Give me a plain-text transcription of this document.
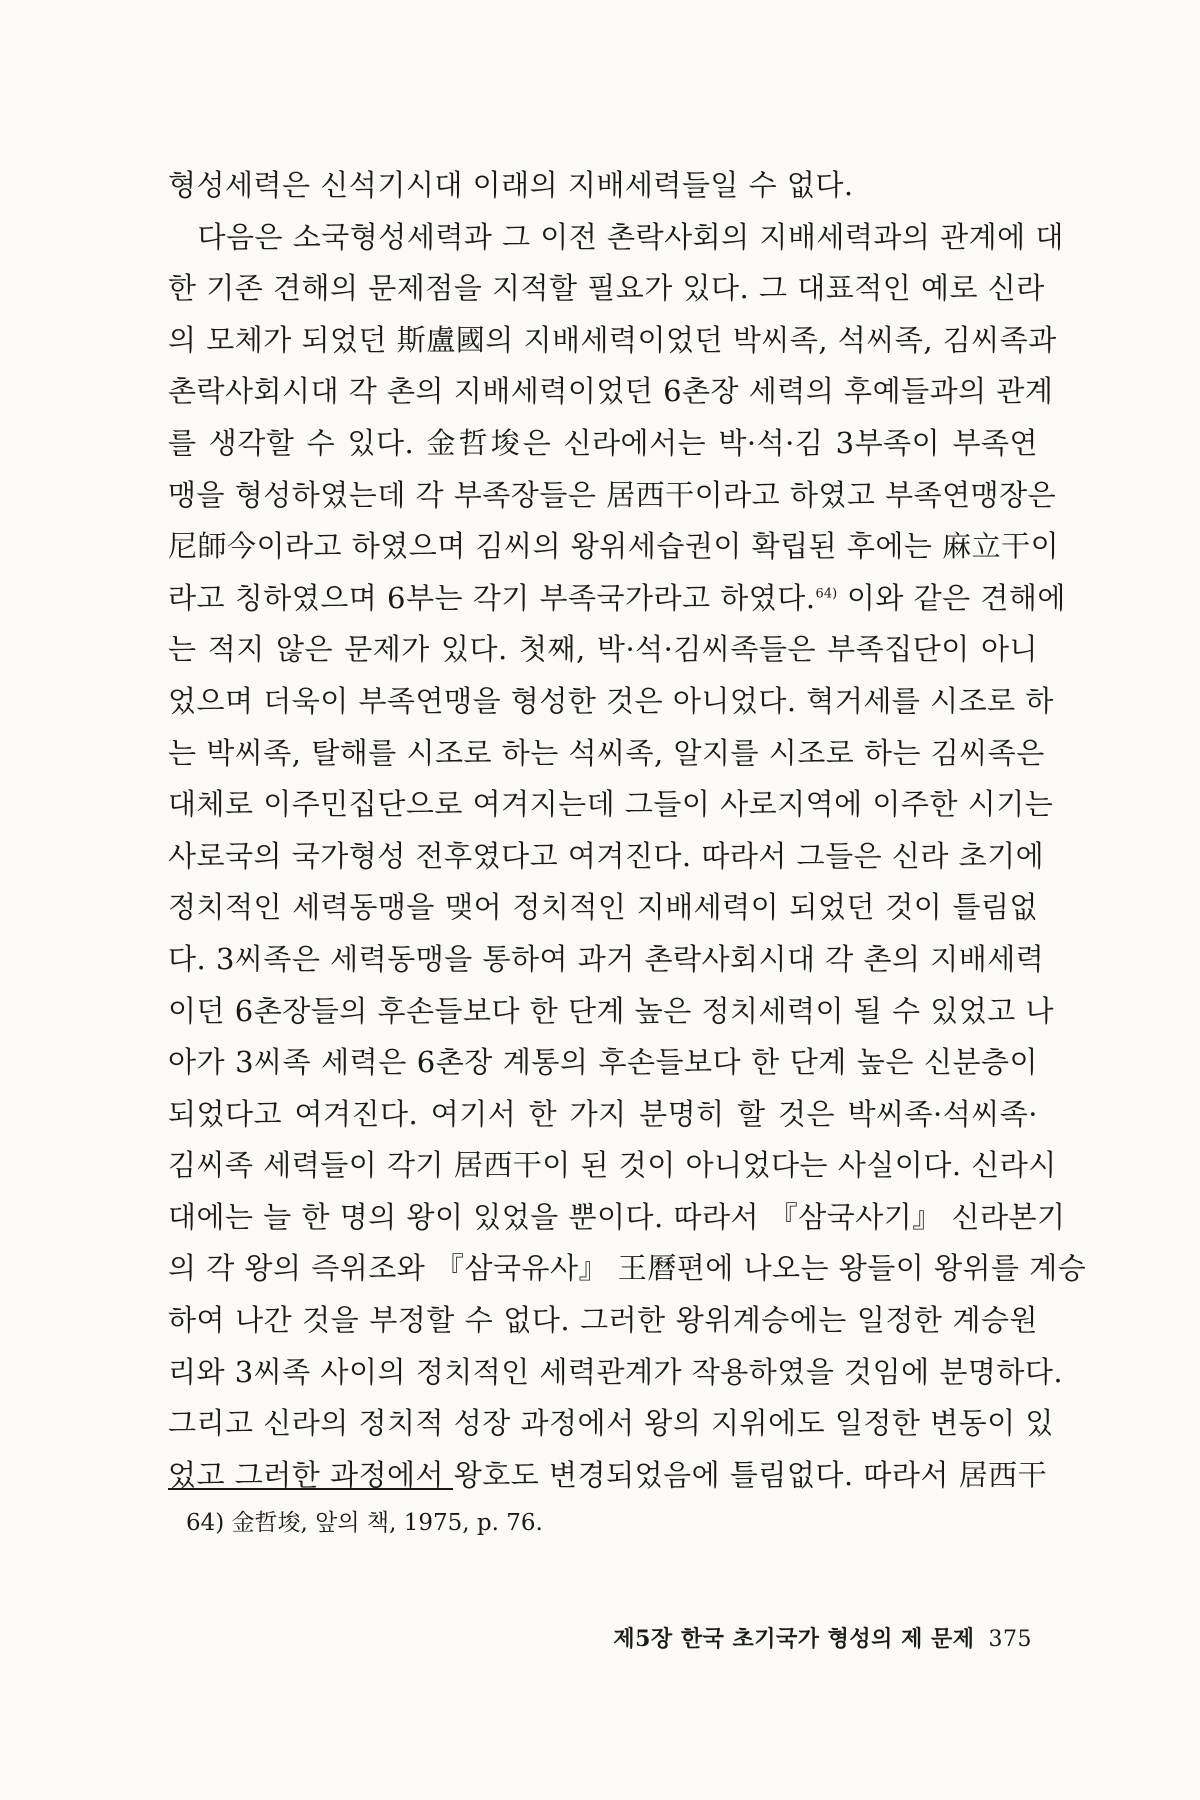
형성세력은 신석기시대 이래의 지배세력들일 수 없다.
　다음은 소국형성세력과 그 이전 촌락사회의 지배세력과의 관계에 대
한 기존 견해의 문제점을 지적할 필요가 있다. 그 대표적인 예로 신라
의 모체가 되었던 斯盧國의 지배세력이었던 박씨족, 석씨족, 김씨족과
촌락사회시대 각 촌의 지배세력이었던 6촌장 세력의 후예들과의 관계
를 생각할 수 있다. 金哲埈은 신라에서는 박·석·김 3부족이 부족연
맹을 형성하였는데 각 부족장들은 居西干이라고 하였고 부족연맹장은
尼師今이라고 하였으며 김씨의 왕위세습권이 확립된 후에는 麻立干이
라고 칭하였으며 6부는 각기 부족국가라고 하였다.$^{64)}$ 이와 같은 견해에
는 적지 않은 문제가 있다. 첫째, 박·석·김씨족들은 부족집단이 아니
었으며 더욱이 부족연맹을 형성한 것은 아니었다. 혁거세를 시조로 하
는 박씨족, 탈해를 시조로 하는 석씨족, 알지를 시조로 하는 김씨족은
대체로 이주민집단으로 여겨지는데 그들이 사로지역에 이주한 시기는
사로국의 국가형성 전후였다고 여겨진다. 따라서 그들은 신라 초기에
정치적인 세력동맹을 맺어 정치적인 지배세력이 되었던 것이 틀림없
다. 3씨족은 세력동맹을 통하여 과거 촌락사회시대 각 촌의 지배세력
이던 6촌장들의 후손들보다 한 단계 높은 정치세력이 될 수 있었고 나
아가 3씨족 세력은 6촌장 계통의 후손들보다 한 단계 높은 신분층이
되었다고 여겨진다. 여기서 한 가지 분명히 할 것은 박씨족·석씨족·
김씨족 세력들이 각기 居西干이 된 것이 아니었다는 사실이다. 신라시
대에는 늘 한 명의 왕이 있었을 뿐이다. 따라서 『삼국사기』 신라본기
의 각 왕의 즉위조와 『삼국유사』 王曆편에 나오는 왕들이 왕위를 계승
하여 나간 것을 부정할 수 없다. 그러한 왕위계승에는 일정한 계승원
리와 3씨족 사이의 정치적인 세력관계가 작용하였을 것임에 분명하다.
그리고 신라의 정치적 성장 과정에서 왕의 지위에도 일정한 변동이 있
었고 그러한 과정에서 왕호도 변경되었음에 틀림없다. 따라서 居西干
64) 金哲埈, 앞의 책, 1975, p. 76.
제5장 한국 초기국가 형성의 제 문제 375
